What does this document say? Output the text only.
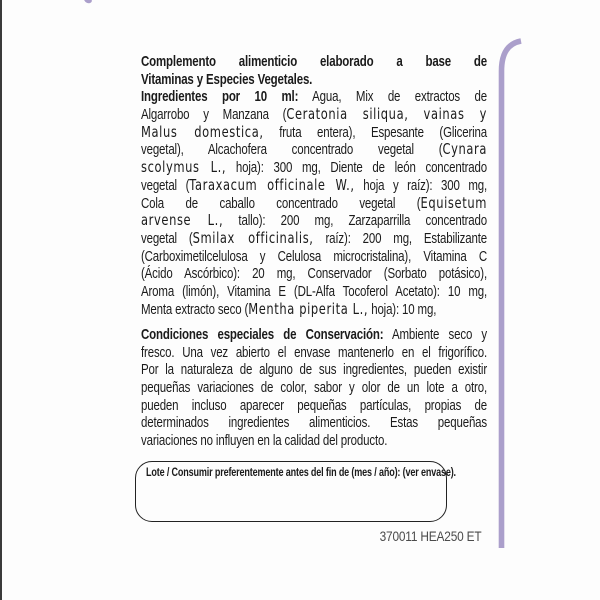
Complemento alimenticio elaborado a base de
Vitaminas y Especies Vegetales.
Ingredientes por 10 ml: Agua, Mix de extractos de
Algarrobo y Manzana (Ceratonia siliqua, vainas y
Malus domestica, fruta entera), Espesante (Glicerina
vegetal), Alcachofera concentrado vegetal (Cynara
scolymus L., hoja): 300 mg, Diente de león concentrado
vegetal (Taraxacum officinale W., hoja y raíz): 300 mg,
Cola de caballo concentrado vegetal (Equisetum
arvense L., tallo): 200 mg, Zarzaparrilla concentrado
vegetal (Smilax officinalis, raíz): 200 mg, Estabilizante
(Carboximetilcelulosa y Celulosa microcristalina), Vitamina C
(Ácido Ascórbico): 20 mg, Conservador (Sorbato potásico),
Aroma (limón), Vitamina E (DL-Alfa Tocoferol Acetato): 10 mg,
Menta extracto seco (Mentha piperita L., hoja): 10 mg,
Condiciones especiales de Conservación: Ambiente seco y
fresco. Una vez abierto el envase mantenerlo en el frigorífico.
Por la naturaleza de alguno de sus ingredientes, pueden existir
pequeñas variaciones de color, sabor y olor de un lote a otro,
pueden incluso aparecer pequeñas partículas, propias de
determinados ingredientes alimenticios. Estas pequeñas
variaciones no influyen en la calidad del producto.
Lote / Consumir preferentemente antes del fin de (mes / año): (ver envase).
370011 HEA250 ET
